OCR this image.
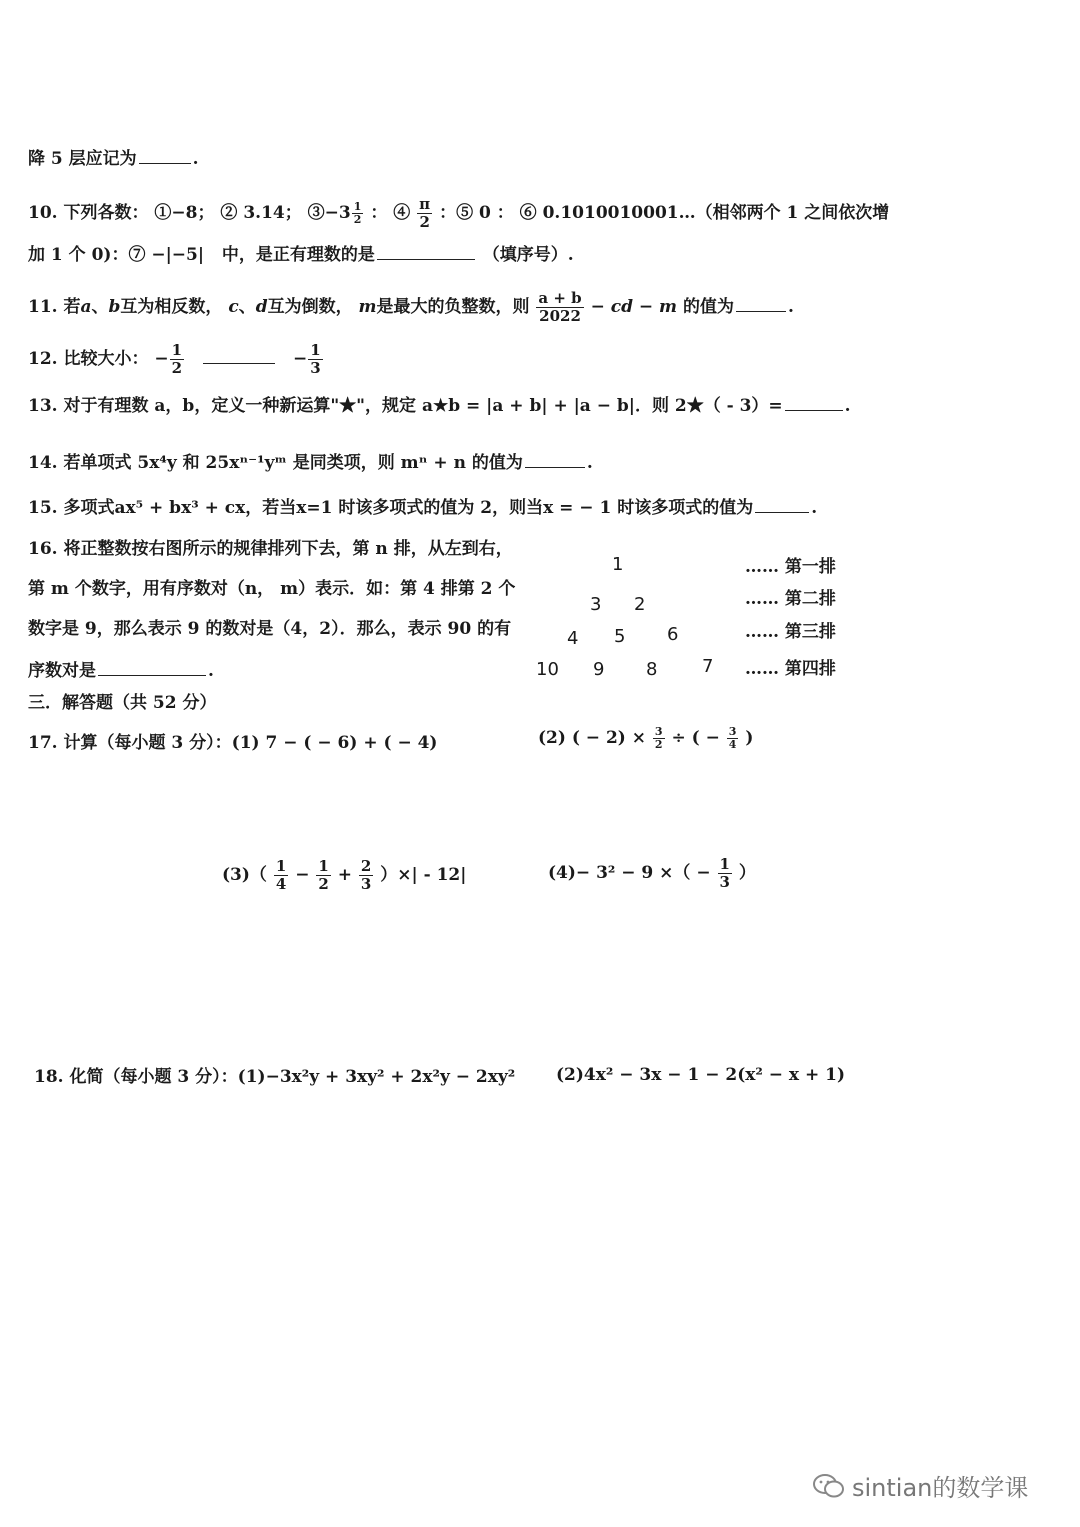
降 5 层应记为	.
10. 下列各数： ①−8； ② 3.14； ③−3 $\frac{1}{2}$ ： ④ $\frac{\pi}{2}$ ：⑤ 0 ： ⑥ 0.1010010001…（相邻两个 1 之间依次增
加 1 个 0)：⑦ −|−5| 中，是正有理数的是	（填序号）.
11. 若a、b互为相反数， c、d互为倒数， m是最大的负整数，则 $\frac{a + b}{2022}$ − cd − m 的值为	.
12. 比较大小： − $\frac{1}{2}$	− $\frac{1}{3}$
13. 对于有理数 a，b，定义一种新运算"★"，规定 a★b = |a + b| + |a − b|．则 2★（ - 3）=	.
14. 若单项式 5x⁴y 和 25xⁿ⁻¹yᵐ 是同类项，则 mⁿ + n 的值为	.
15. 多项式ax⁵ + bx³ + cx，若当x=1 时该多项式的值为 2，则当x = − 1 时该多项式的值为	.
16. 将正整数按右图所示的规律排列下去，第 n 排，从左到右，
第 m 个数字，用有序数对（n， m）表示．如：第 4 排第 2 个
数字是 9，那么表示 9 的数对是（4，2）．那么，表示 90 的有
序数对是	.
1
3 2
4 5 6
10 9 8 7
…… 第一排
…… 第二排
…… 第三排
…… 第四排
三．解答题（共 52 分）
17. 计算（每小题 3 分）：(1) 7 − ( − 6) + ( − 4)	(2) ( − $2) \times \frac{3}{2}$ ÷ ( − $\frac{3}{4}$ )
$(3)( \frac{1}{4} - \frac{1}{2} + \frac{2}{3}$ ）×| - 12|	(4)− 3² − 9 ×（ − $\frac{1}{3}$ ）
18. 化简（每小题 3 分）：(1)−3x²y + 3xy² + 2x²y − 2xy² (2)4x² − 3x − 1 − 2(x² − x + 1)
sintian的数学课
